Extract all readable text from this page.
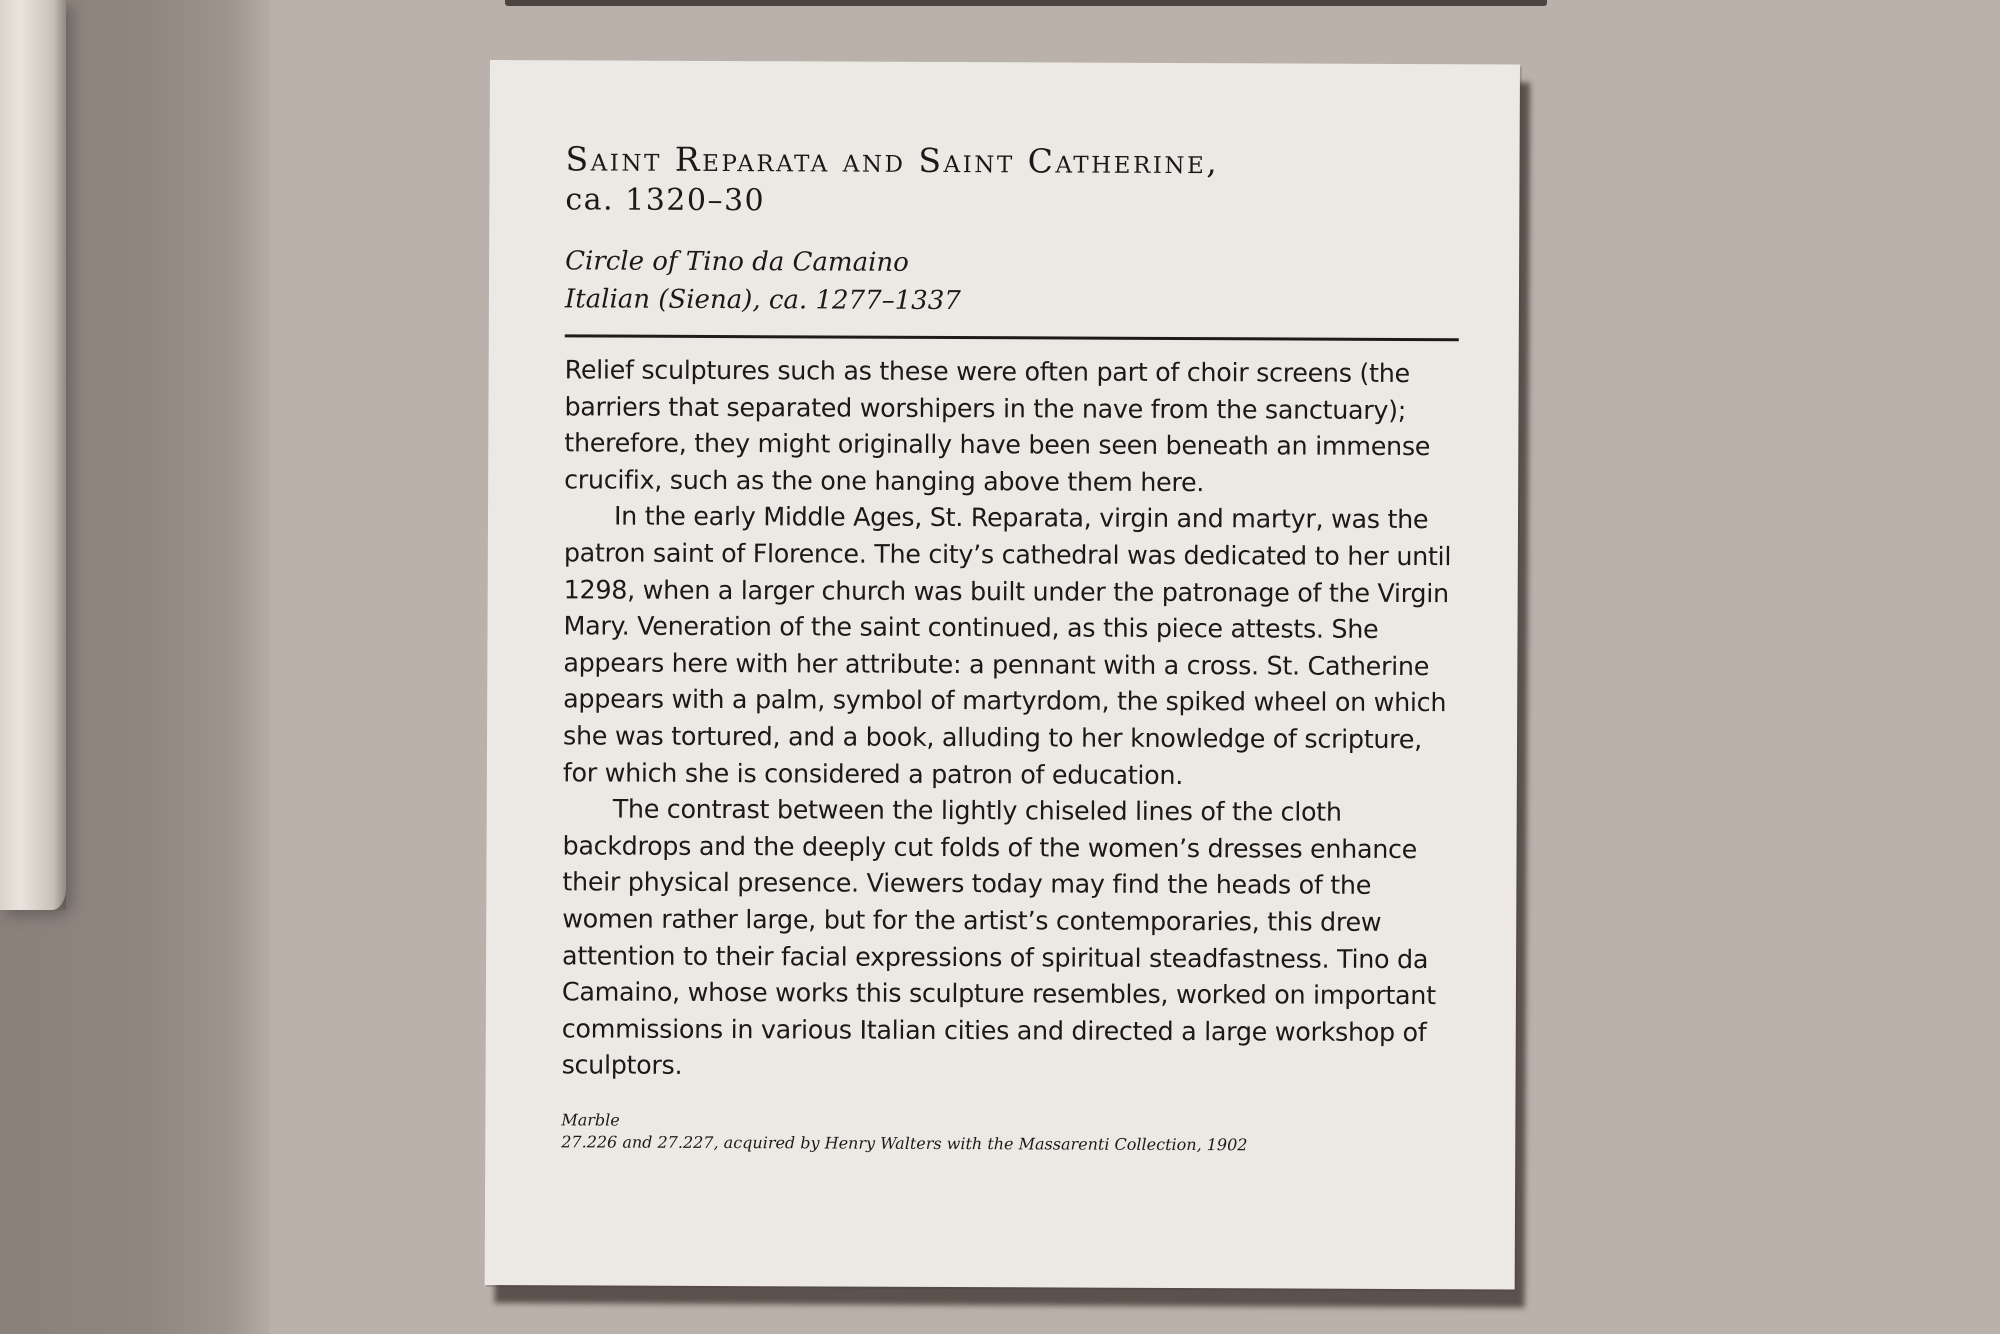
Saint Reparata and Saint Catherine,

ca. 1320–30

Circle of Tino da Camaino

Italian (Siena), ca. 1277–1337

Relief sculptures such as these were often part of choir screens (the barriers that separated worshipers in the nave from the sanctuary); therefore, they might originally have been seen beneath an immense crucifix, such as the one hanging above them here.

In the early Middle Ages, St. Reparata, virgin and martyr, was the patron saint of Florence. The city’s cathedral was dedicated to her until 1298, when a larger church was built under the patronage of the Virgin Mary. Veneration of the saint continued, as this piece attests. She appears here with her attribute: a pennant with a cross. St. Catherine appears with a palm, symbol of martyrdom, the spiked wheel on which she was tortured, and a book, alluding to her knowledge of scripture, for which she is considered a patron of education.

The contrast between the lightly chiseled lines of the cloth backdrops and the deeply cut folds of the women’s dresses enhance their physical presence. Viewers today may find the heads of the women rather large, but for the artist’s contemporaries, this drew attention to their facial expressions of spiritual steadfastness. Tino da Camaino, whose works this sculpture resembles, worked on important commissions in various Italian cities and directed a large workshop of sculptors.

Marble

27.226 and 27.227, acquired by Henry Walters with the Massarenti Collection, 1902
